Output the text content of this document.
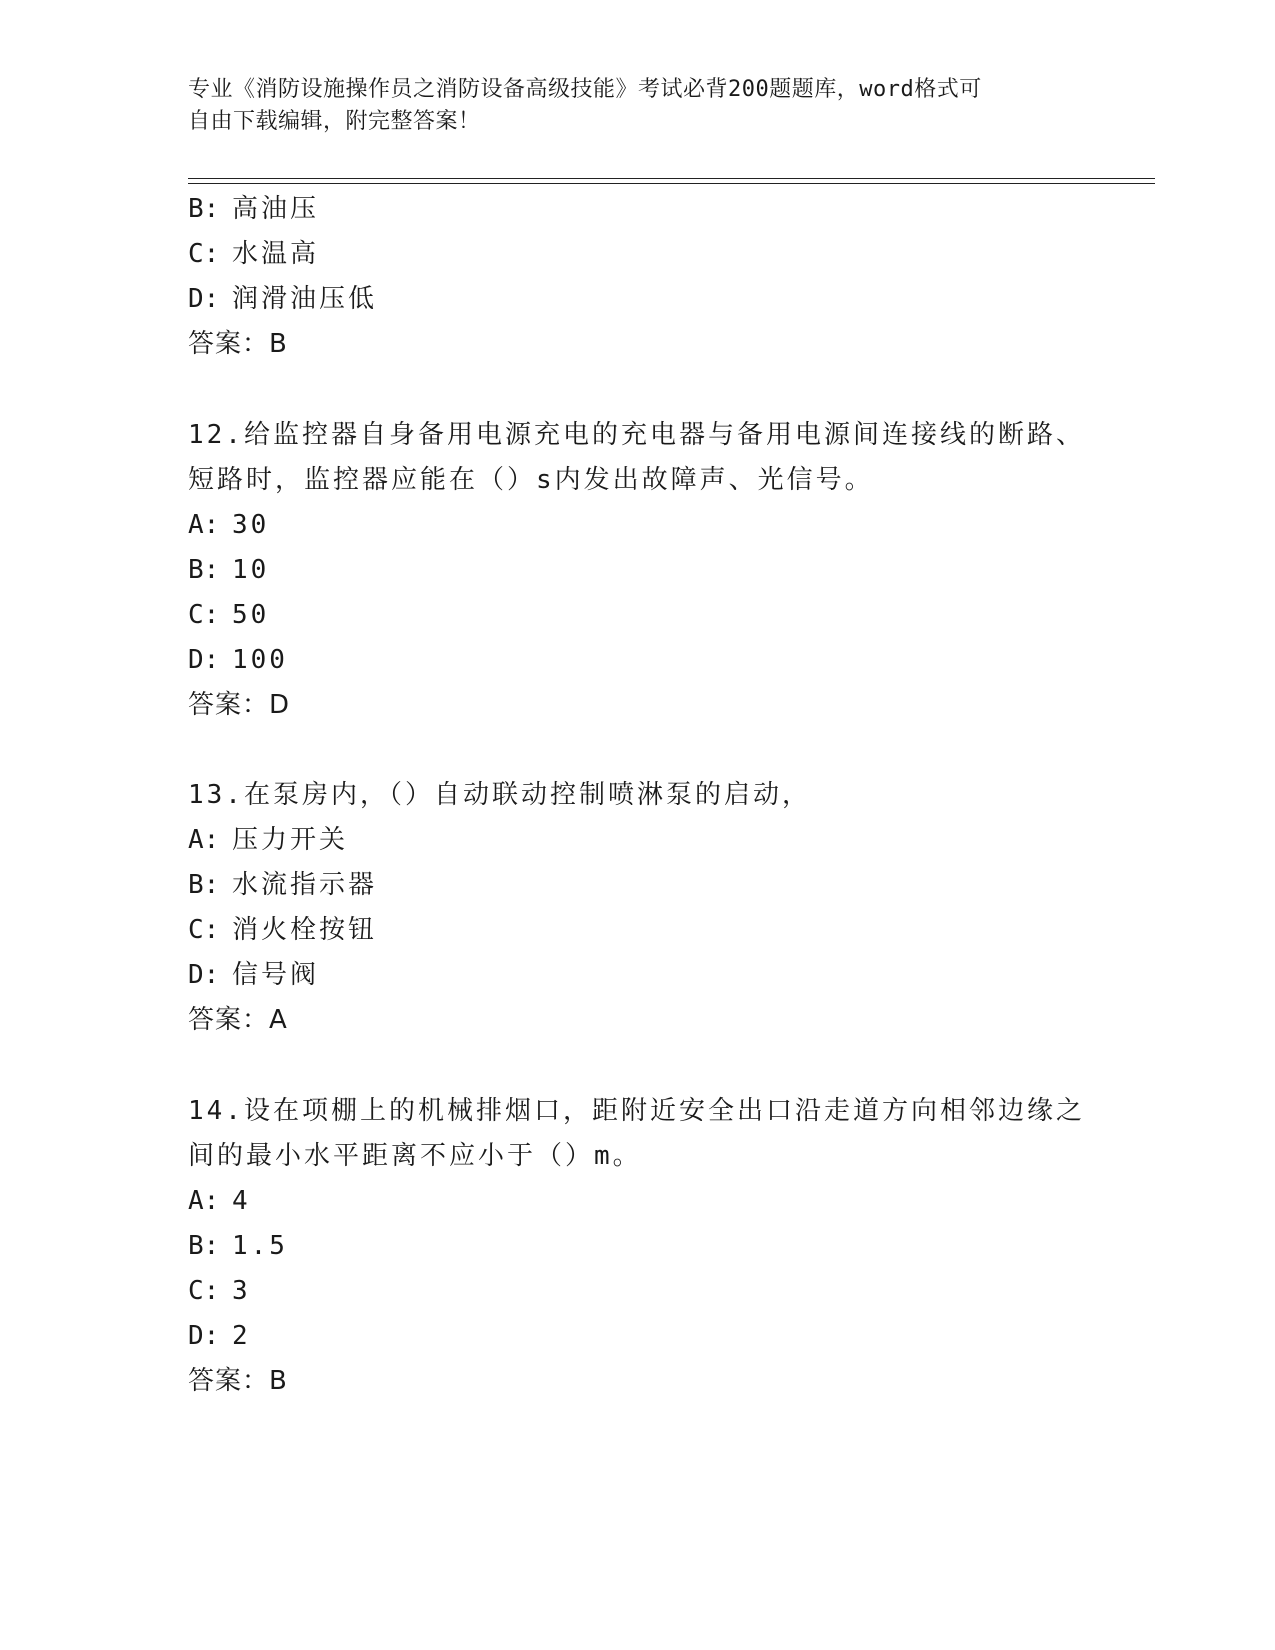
专业《消防设施操作员之消防设备高级技能》考试必背200题题库，word格式可
自由下载编辑，附完整答案！
B: 高油压
C: 水温高
D: 润滑油压低
答案：B
12.给监控器自身备用电源充电的充电器与备用电源间连接线的断路、
短路时，监控器应能在（）s内发出故障声、光信号。
A: 30
B: 10
C: 50
D: 100
答案：D
13.在泵房内，（）自动联动控制喷淋泵的启动，
A: 压力开关
B: 水流指示器
C: 消火栓按钮
D: 信号阀
答案：A
14.设在项棚上的机械排烟口，距附近安全出口沿走道方向相邻边缘之
间的最小水平距离不应小于（）m。
A: 4
B: 1.5
C: 3
D: 2
答案：B
